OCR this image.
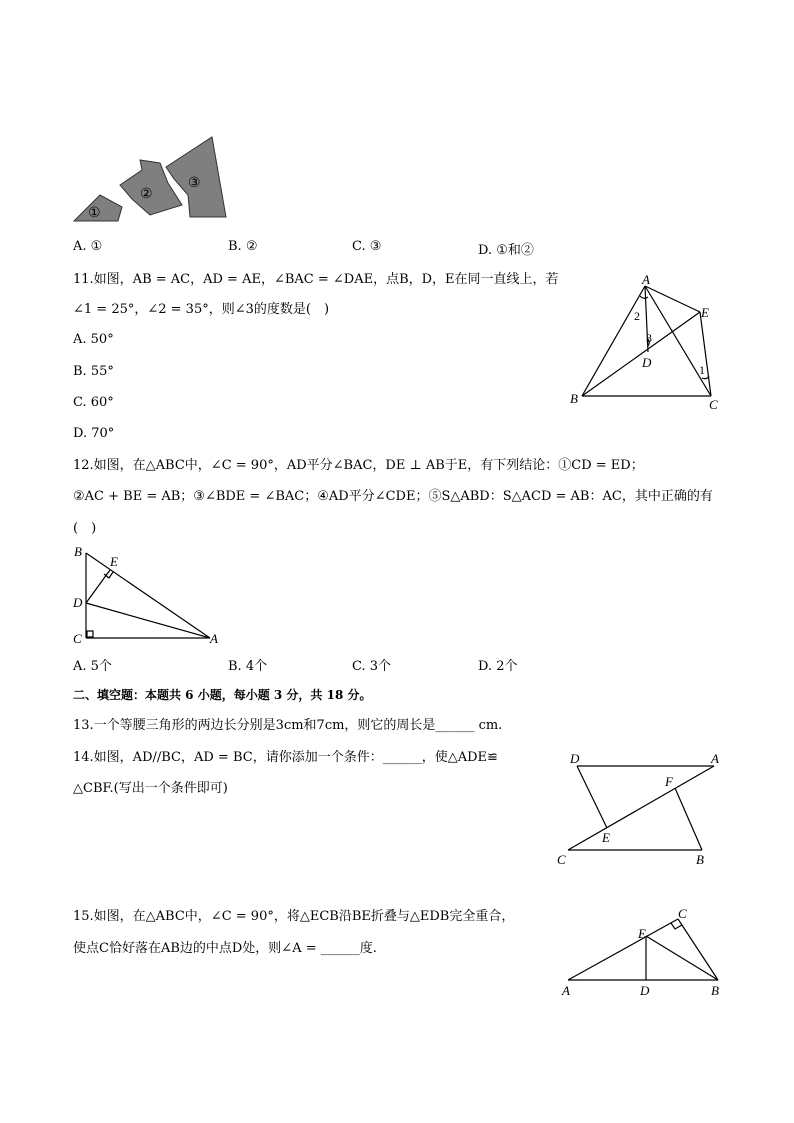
①
②
③
A. ①	B. ②	C. ③	D. ①和②
11.如图，AB = AC，AD = AE，∠BAC = ∠DAE，点B，D，E在同一直线上，若
∠1 = 25°，∠2 = 35°，则∠3的度数是(　)
A. 50°
B. 55°
C. 60°
D. 70°
A
E
D
B	C
1
2
3
12.如图，在△ABC中，∠C = 90°，AD平分∠BAC，DE ⊥ AB于E，有下列结论：①CD = ED；
②AC + BE = AB；③∠BDE = ∠BAC；④AD平分∠CDE；⑤S△ABD：S△ACD = AB：AC，其中正确的有
(　)
B
E
D
C	A
A. 5个	B. 4个	C. 3个	D. 2个
二、填空题：本题共 6 小题，每小题 3 分，共 18 分。
13.一个等腰三角形的两边长分别是3cm和7cm，则它的周长是______ cm.
14.如图，AD//BC，AD = BC，请你添加一个条件：______，使△ADE≌
△CBF.(写出一个条件即可)
D	A
F
E
C	B
15.如图，在△ABC中，∠C = 90°，将△ECB沿BE折叠与△EDB完全重合，
使点C恰好落在AB边的中点D处，则∠A = ______度.
C
E
A	D	B
